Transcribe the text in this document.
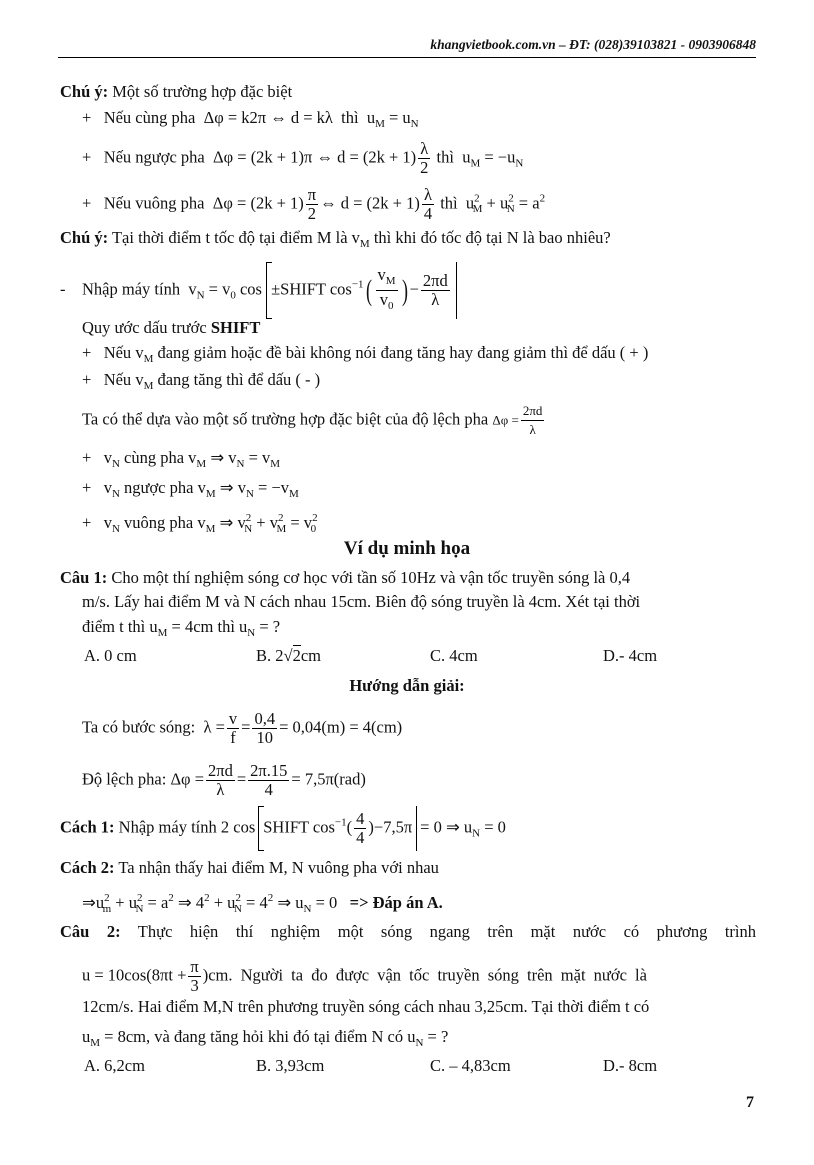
khangvietbook.com.vn – ĐT: (028)39103821 - 0903906848
Chú ý: Một số trường hợp đặc biệt
+ Nếu cùng pha Δφ = k2π ⇔ d = kλ thì $u_M = u_N$
+ Nếu ngược pha Δφ = (2k + 1)π ⇔ $d = (2k + 1) \frac{\lambda}{2}$ thì $u_M = -u_N$
+ Nếu vuông pha $\Delta\varphi = (2k + 1) \frac{\pi}{2}$ ⇔ $d = (2k + 1) \frac{\lambda}{4}$ thì $u^2_M + u^2_N = a^2$
Chú ý: Tại thời điểm t tốc độ tại điểm M là $v_M$ thì khi đó tốc độ tại N là bao nhiêu?
- Nhập máy tính $v_N = v_0$ cos ±SHIFT $\cos^{-1}( \frac{v_M}{v_0}$ ) − $\frac{2\pi d}{\lambda}$
Quy ước dấu trước SHIFT
+ Nếu $v_M$ đang giảm hoặc đề bài không nói đang tăng hay đang giảm thì để dấu ( + )
+ Nếu $v_M$ đang tăng thì để dấu ( - )
Ta có thể dựa vào một số trường hợp đặc biệt của độ lệch pha $\Delta\varphi = \frac{2\pi d}{\lambda}$
+ $v_N$ cùng pha $v_M$ ⇒ $v_N = v_M$
+ $v_N$ ngược pha $v_M$ ⇒ $v_N = -v_M$
+ $v_N$ vuông pha $v_M$ ⇒ $v^2_N + v^2_M = v^2_0$
Ví dụ minh họa
Câu 1: Cho một thí nghiệm sóng cơ học với tần số 10Hz và vận tốc truyền sóng là 0,4
m/s. Lấy hai điểm M và N cách nhau 15cm. Biên độ sóng truyền là 4cm. Xét tại thời
điểm t thì $u_M = 4cm$ thì $u_N$ = ?
A. 0 cm	B. 2√2cm	C. 4cm	D.- 4cm
Hướng dẫn giải:
Ta có bước sóng: $\lambda = \frac{v}{f} = \frac{0,4}{10} = 0,04(m) = 4(cm)$
Độ lệch pha: $\Delta\varphi = \frac{2\pi d}{\lambda} = \frac{2\pi.15}{4} = 7,5\pi(rad)$
Cách 1: Nhập máy tính 2 cos SHIFT $\cos^{-1}( \frac{4}{4} )-7,5\pi = 0$ ⇒ $u_N = 0$
Cách 2: Ta nhận thấy hai điểm M, N vuông pha với nhau
$\Rightarrow u^2_m + u^2_N = a^2$ ⇒ $4^2 + u^2_N = 4^2$ ⇒ $u_N = 0$ => Đáp án A.
Câu 2: Thực hiện thí nghiệm một sóng ngang trên mặt nước có phương trình
$u = 10\cos(8\pi t + \frac{\pi}{3} )cm$. Người ta đo được vận tốc truyền sóng trên mặt nước là
12cm/s. Hai điểm M,N trên phương truyền sóng cách nhau 3,25cm. Tại thời điểm t có
$u_M = 8cm$, và đang tăng hỏi khi đó tại điểm N có $u_N$ = ?
A. 6,2cm	B. 3,93cm	C. – 4,83cm	D.- 8cm
7
